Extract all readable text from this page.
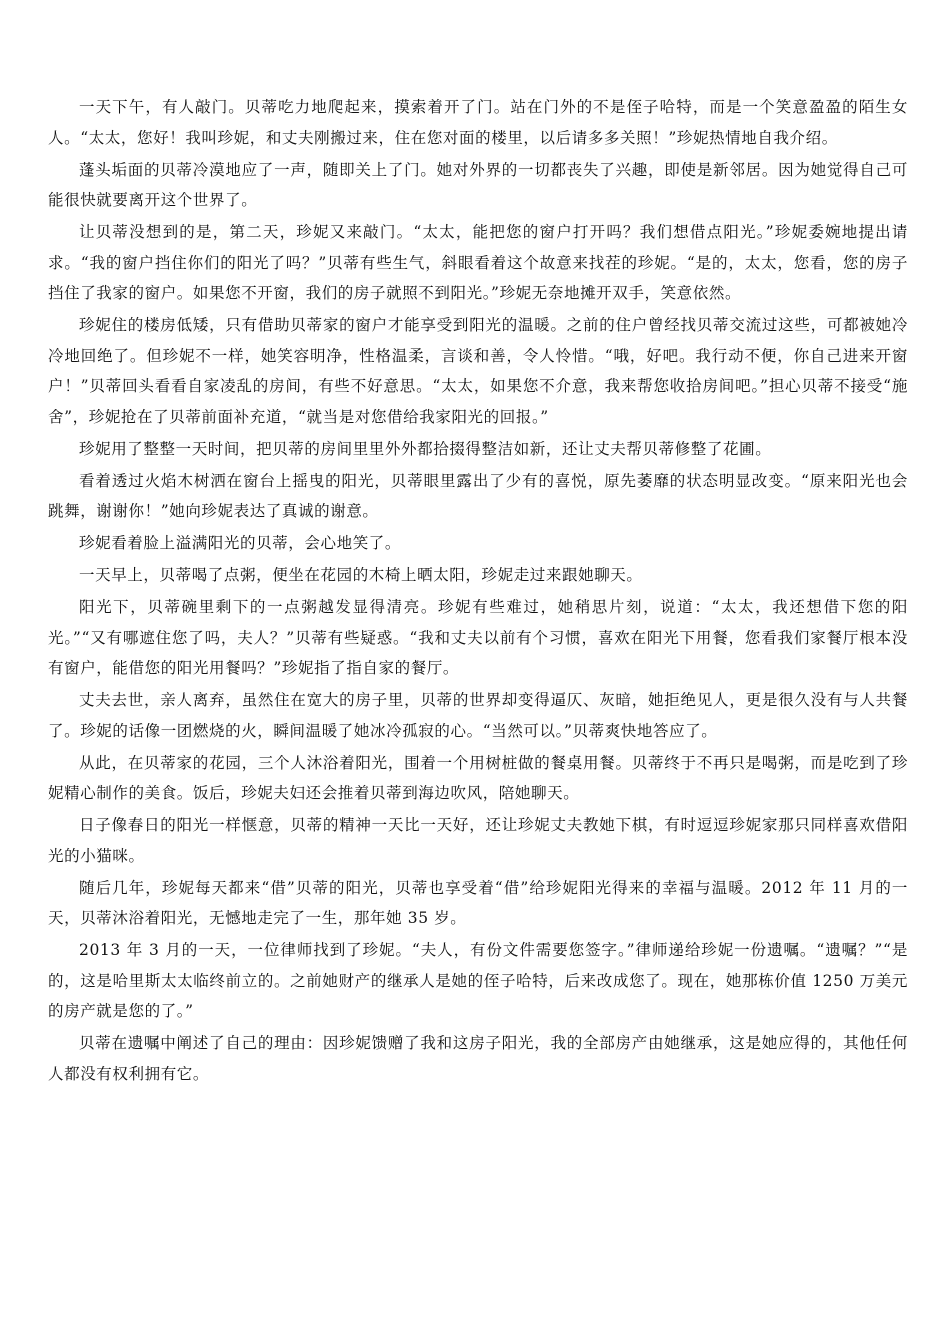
一天下午，有人敲门。贝蒂吃力地爬起来，摸索着开了门。站在门外的不是侄子哈特，而是一个笑意盈盈的陌生女人。“太太，您好！我叫珍妮，和丈夫刚搬过来，住在您对面的楼里，以后请多多关照！”珍妮热情地自我介绍。

蓬头垢面的贝蒂冷漠地应了一声，随即关上了门。她对外界的一切都丧失了兴趣，即使是新邻居。因为她觉得自己可能很快就要离开这个世界了。

让贝蒂没想到的是，第二天，珍妮又来敲门。“太太，能把您的窗户打开吗？我们想借点阳光。”珍妮委婉地提出请求。“我的窗户挡住你们的阳光了吗？”贝蒂有些生气，斜眼看着这个故意来找茬的珍妮。“是的，太太，您看，您的房子挡住了我家的窗户。如果您不开窗，我们的房子就照不到阳光。”珍妮无奈地摊开双手，笑意依然。

珍妮住的楼房低矮，只有借助贝蒂家的窗户才能享受到阳光的温暖。之前的住户曾经找贝蒂交流过这些，可都被她冷冷地回绝了。但珍妮不一样，她笑容明净，性格温柔，言谈和善，令人怜惜。“哦，好吧。我行动不便，你自己进来开窗户！”贝蒂回头看看自家凌乱的房间，有些不好意思。“太太，如果您不介意，我来帮您收拾房间吧。”担心贝蒂不接受“施舍”，珍妮抢在了贝蒂前面补充道，“就当是对您借给我家阳光的回报。”

珍妮用了整整一天时间，把贝蒂的房间里里外外都拾掇得整洁如新，还让丈夫帮贝蒂修整了花圃。

看着透过火焰木树洒在窗台上摇曳的阳光，贝蒂眼里露出了少有的喜悦，原先萎靡的状态明显改变。“原来阳光也会跳舞，谢谢你！”她向珍妮表达了真诚的谢意。

珍妮看着脸上溢满阳光的贝蒂，会心地笑了。

一天早上，贝蒂喝了点粥，便坐在花园的木椅上晒太阳，珍妮走过来跟她聊天。

阳光下，贝蒂碗里剩下的一点粥越发显得清亮。珍妮有些难过，她稍思片刻，说道：“太太，我还想借下您的阳光。”“又有哪遮住您了吗，夫人？”贝蒂有些疑惑。“我和丈夫以前有个习惯，喜欢在阳光下用餐，您看我们家餐厅根本没有窗户，能借您的阳光用餐吗？”珍妮指了指自家的餐厅。

丈夫去世，亲人离弃，虽然住在宽大的房子里，贝蒂的世界却变得逼仄、灰暗，她拒绝见人，更是很久没有与人共餐了。珍妮的话像一团燃烧的火，瞬间温暖了她冰冷孤寂的心。“当然可以。”贝蒂爽快地答应了。

从此，在贝蒂家的花园，三个人沐浴着阳光，围着一个用树桩做的餐桌用餐。贝蒂终于不再只是喝粥，而是吃到了珍妮精心制作的美食。饭后，珍妮夫妇还会推着贝蒂到海边吹风，陪她聊天。

日子像春日的阳光一样惬意，贝蒂的精神一天比一天好，还让珍妮丈夫教她下棋，有时逗逗珍妮家那只同样喜欢借阳光的小猫咪。

随后几年，珍妮每天都来“借”贝蒂的阳光，贝蒂也享受着“借”给珍妮阳光得来的幸福与温暖。2012 年 11 月的一天，贝蒂沐浴着阳光，无憾地走完了一生，那年她 35 岁。

2013 年 3 月的一天，一位律师找到了珍妮。“夫人，有份文件需要您签字。”律师递给珍妮一份遗嘱。“遗嘱？”“是的，这是哈里斯太太临终前立的。之前她财产的继承人是她的侄子哈特，后来改成您了。现在，她那栋价值 1250 万美元的房产就是您的了。”

贝蒂在遗嘱中阐述了自己的理由：因珍妮馈赠了我和这房子阳光，我的全部房产由她继承，这是她应得的，其他任何人都没有权利拥有它。
